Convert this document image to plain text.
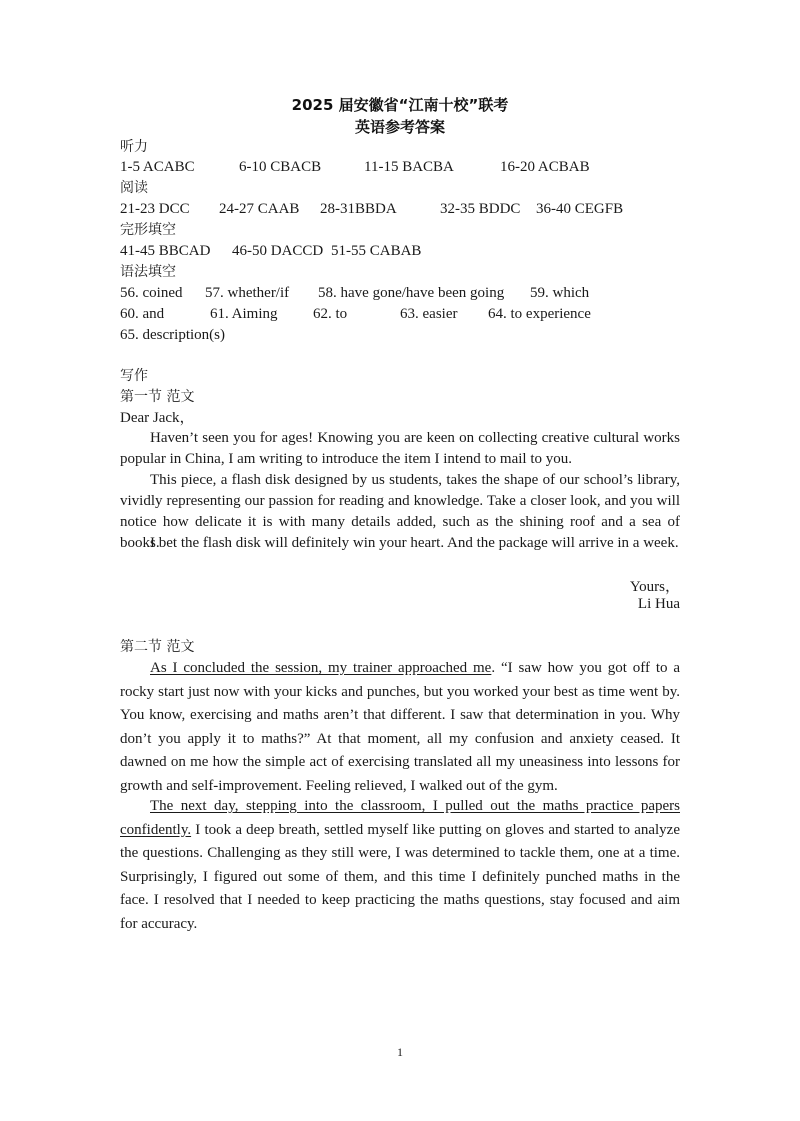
2025 届安徽省“江南十校”联考
英语参考答案
听力
1-5 ACABC	6-10 CBACB	11-15 BACBA	16-20 ACBAB
阅读
21-23 DCC 24-27 CAAB 28-31BBDA	32-35 BDDC 36-40 CEGFB
完形填空
41-45 BBCAD 46-50 DACCD 51-55 CABAB
语法填空
56. coined 57. whether/if 58. have gone/have been going 59. which
60. and	61. Aiming 62. to	63. easier 64. to experience
65. description(s)
写作
第一节 范文
Dear Jack，
Haven’t seen you for ages! Knowing you are keen on collecting creative cultural works popular in China, I am writing to introduce the item I intend to mail to you.
This piece, a flash disk designed by us students, takes the shape of our school’s library, vividly representing our passion for reading and knowledge. Take a closer look, and you will notice how delicate it is with many details added, such as the shining roof and a sea of books.
I bet the flash disk will definitely win your heart. And the package will arrive in a week.
Yours，
Li Hua
第二节 范文
As I concluded the session, my trainer approached me. “I saw how you got off to a rocky start just now with your kicks and punches, but you worked your best as time went by. You know, exercising and maths aren’t that different. I saw that determination in you. Why don’t you apply it to maths?” At that moment, all my confusion and anxiety ceased. It dawned on me how the simple act of exercising translated all my uneasiness into lessons for growth and self-improvement. Feeling relieved, I walked out of the gym.
The next day, stepping into the classroom, I pulled out the maths practice papers confidently. I took a deep breath, settled myself like putting on gloves and started to analyze the questions. Challenging as they still were, I was determined to tackle them, one at a time. Surprisingly, I figured out some of them, and this time I definitely punched maths in the face. I resolved that I needed to keep practicing the maths questions, stay focused and aim for accuracy.
1
